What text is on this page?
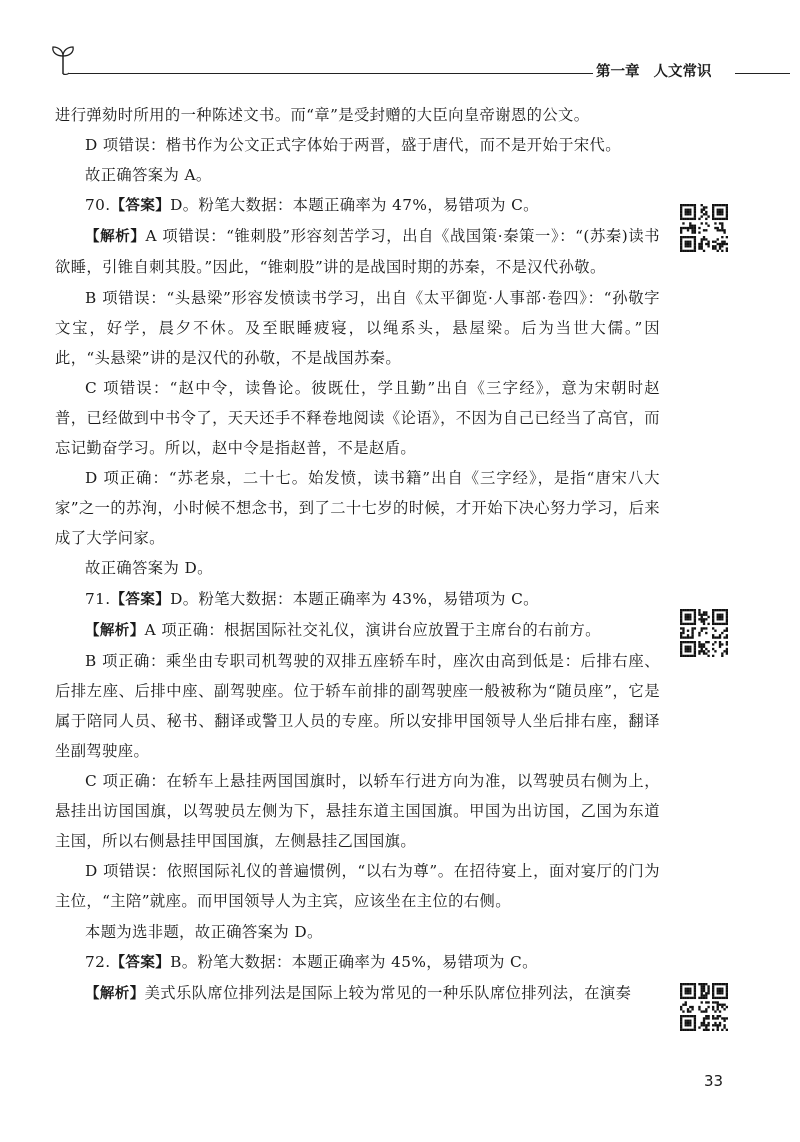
第一章 人文常识

进行弹劾时所用的一种陈述文书。而“章”是受封赠的大臣向皇帝谢恩的公文。

D 项错误：楷书作为公文正式字体始于两晋，盛于唐代，而不是开始于宋代。

故正确答案为 A。

70.【答案】D。粉笔大数据：本题正确率为 47%，易错项为 C。

【解析】A 项错误：“锥刺股”形容刻苦学习，出自《战国策·秦策一》：“(苏秦)读书欲睡，引锥自刺其股。”因此，“锥刺股”讲的是战国时期的苏秦，不是汉代孙敬。

B 项错误：“头悬梁”形容发愤读书学习，出自《太平御览·人事部·卷四》：“孙敬字文宝，好学，晨夕不休。及至眠睡疲寝，以绳系头，悬屋梁。后为当世大儒。”因此，“头悬梁”讲的是汉代的孙敬，不是战国苏秦。

C 项错误：“赵中令，读鲁论。彼既仕，学且勤”出自《三字经》，意为宋朝时赵普，已经做到中书令了，天天还手不释卷地阅读《论语》，不因为自己已经当了高官，而忘记勤奋学习。所以，赵中令是指赵普，不是赵盾。

D 项正确：“苏老泉，二十七。始发愤，读书籍”出自《三字经》，是指“唐宋八大家”之一的苏洵，小时候不想念书，到了二十七岁的时候，才开始下决心努力学习，后来成了大学问家。

故正确答案为 D。

71.【答案】D。粉笔大数据：本题正确率为 43%，易错项为 C。

【解析】A 项正确：根据国际社交礼仪，演讲台应放置于主席台的右前方。

B 项正确：乘坐由专职司机驾驶的双排五座轿车时，座次由高到低是：后排右座、后排左座、后排中座、副驾驶座。位于轿车前排的副驾驶座一般被称为“随员座”，它是属于陪同人员、秘书、翻译或警卫人员的专座。所以安排甲国领导人坐后排右座，翻译坐副驾驶座。

C 项正确：在轿车上悬挂两国国旗时，以轿车行进方向为准，以驾驶员右侧为上，悬挂出访国国旗，以驾驶员左侧为下，悬挂东道主国国旗。甲国为出访国，乙国为东道主国，所以右侧悬挂甲国国旗，左侧悬挂乙国国旗。

D 项错误：依照国际礼仪的普遍惯例，“以右为尊”。在招待宴上，面对宴厅的门为主位，“主陪”就座。而甲国领导人为主宾，应该坐在主位的右侧。

本题为选非题，故正确答案为 D。

72.【答案】B。粉笔大数据：本题正确率为 45%，易错项为 C。

【解析】美式乐队席位排列法是国际上较为常见的一种乐队席位排列法，在演奏

33
